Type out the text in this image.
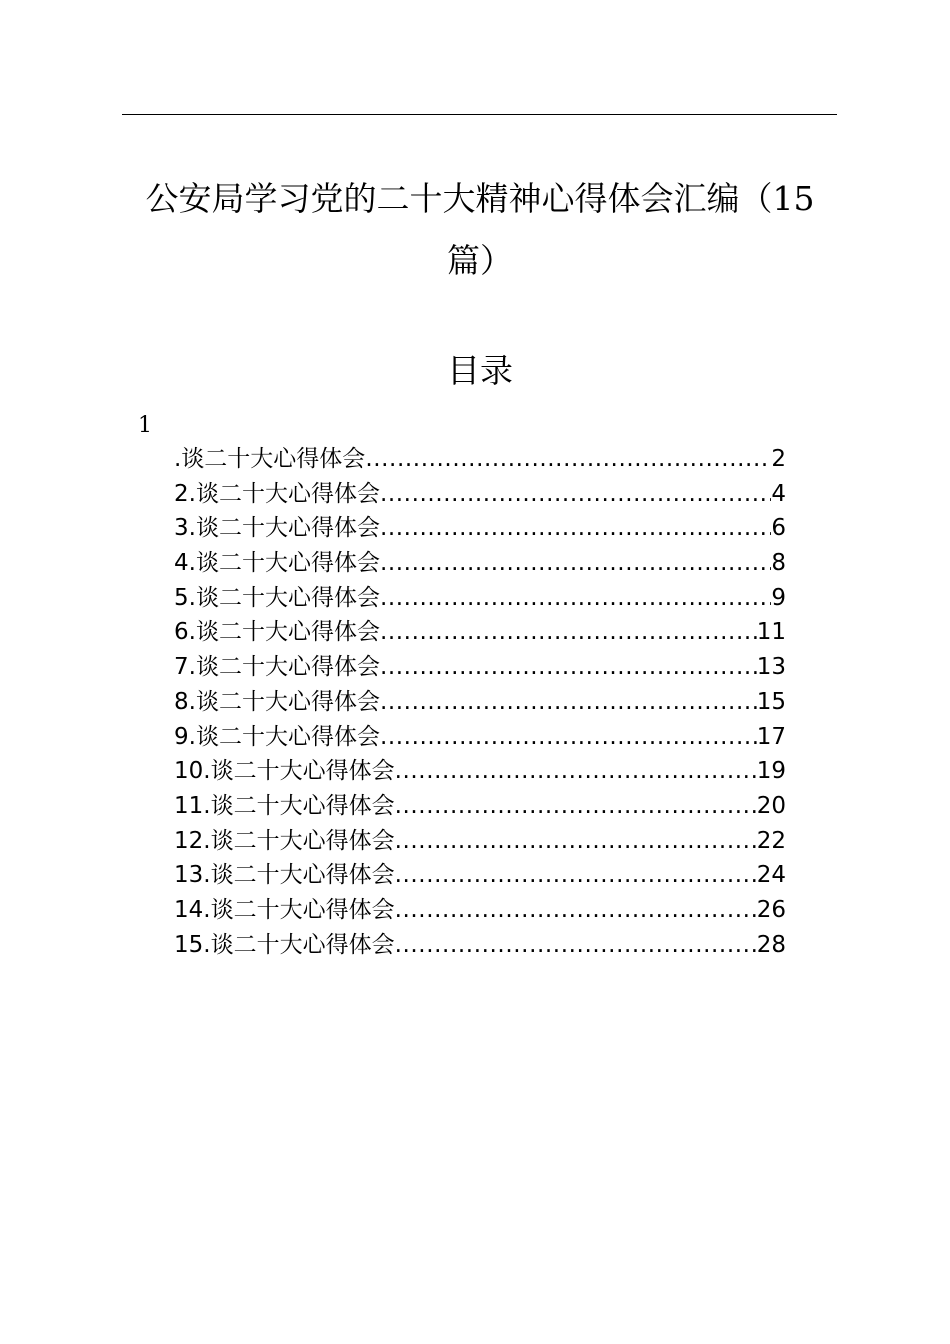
公安局学习党的二十大精神心得体会汇编（15
篇）
目录
1
.谈二十大心得体会 .....	2
2.谈二十大心得体会 .....	4
3.谈二十大心得体会 .....	6
4.谈二十大心得体会 .....	8
5.谈二十大心得体会 .....	9
6.谈二十大心得体会 .....	11
7.谈二十大心得体会 .....	13
8.谈二十大心得体会 .....	15
9.谈二十大心得体会 .....	17
10.谈二十大心得体会 .....	19
11.谈二十大心得体会 .....	20
12.谈二十大心得体会 .....	22
13.谈二十大心得体会 .....	24
14.谈二十大心得体会 .....	26
15.谈二十大心得体会 .....	28
